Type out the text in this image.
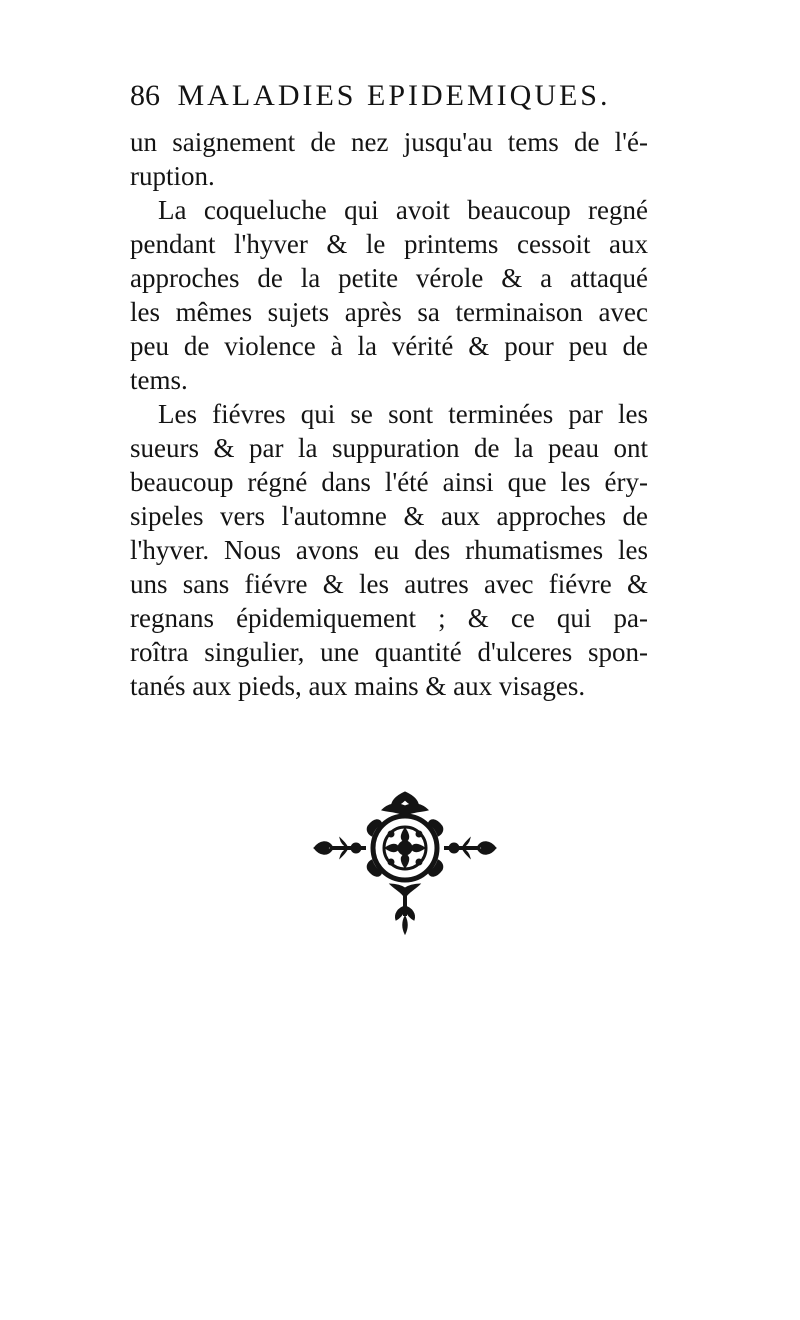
86 MALADIES EPIDEMIQUES.
un saignement de nez jusqu'au tems de l'é-
ruption.
La coqueluche qui avoit beaucoup regné
pendant l'hyver & le printems cessoit aux
approches de la petite vérole & a attaqué
les mêmes sujets après sa terminaison avec
peu de violence à la vérité & pour peu de
tems.
Les fiévres qui se sont terminées par les
sueurs & par la suppuration de la peau ont
beaucoup régné dans l'été ainsi que les éry-
sipeles vers l'automne & aux approches de
l'hyver. Nous avons eu des rhumatismes les
uns sans fiévre & les autres avec fiévre &
regnans épidemiquement ; & ce qui pa-
roîtra singulier, une quantité d'ulceres spon-
tanés aux pieds, aux mains & aux visages.
